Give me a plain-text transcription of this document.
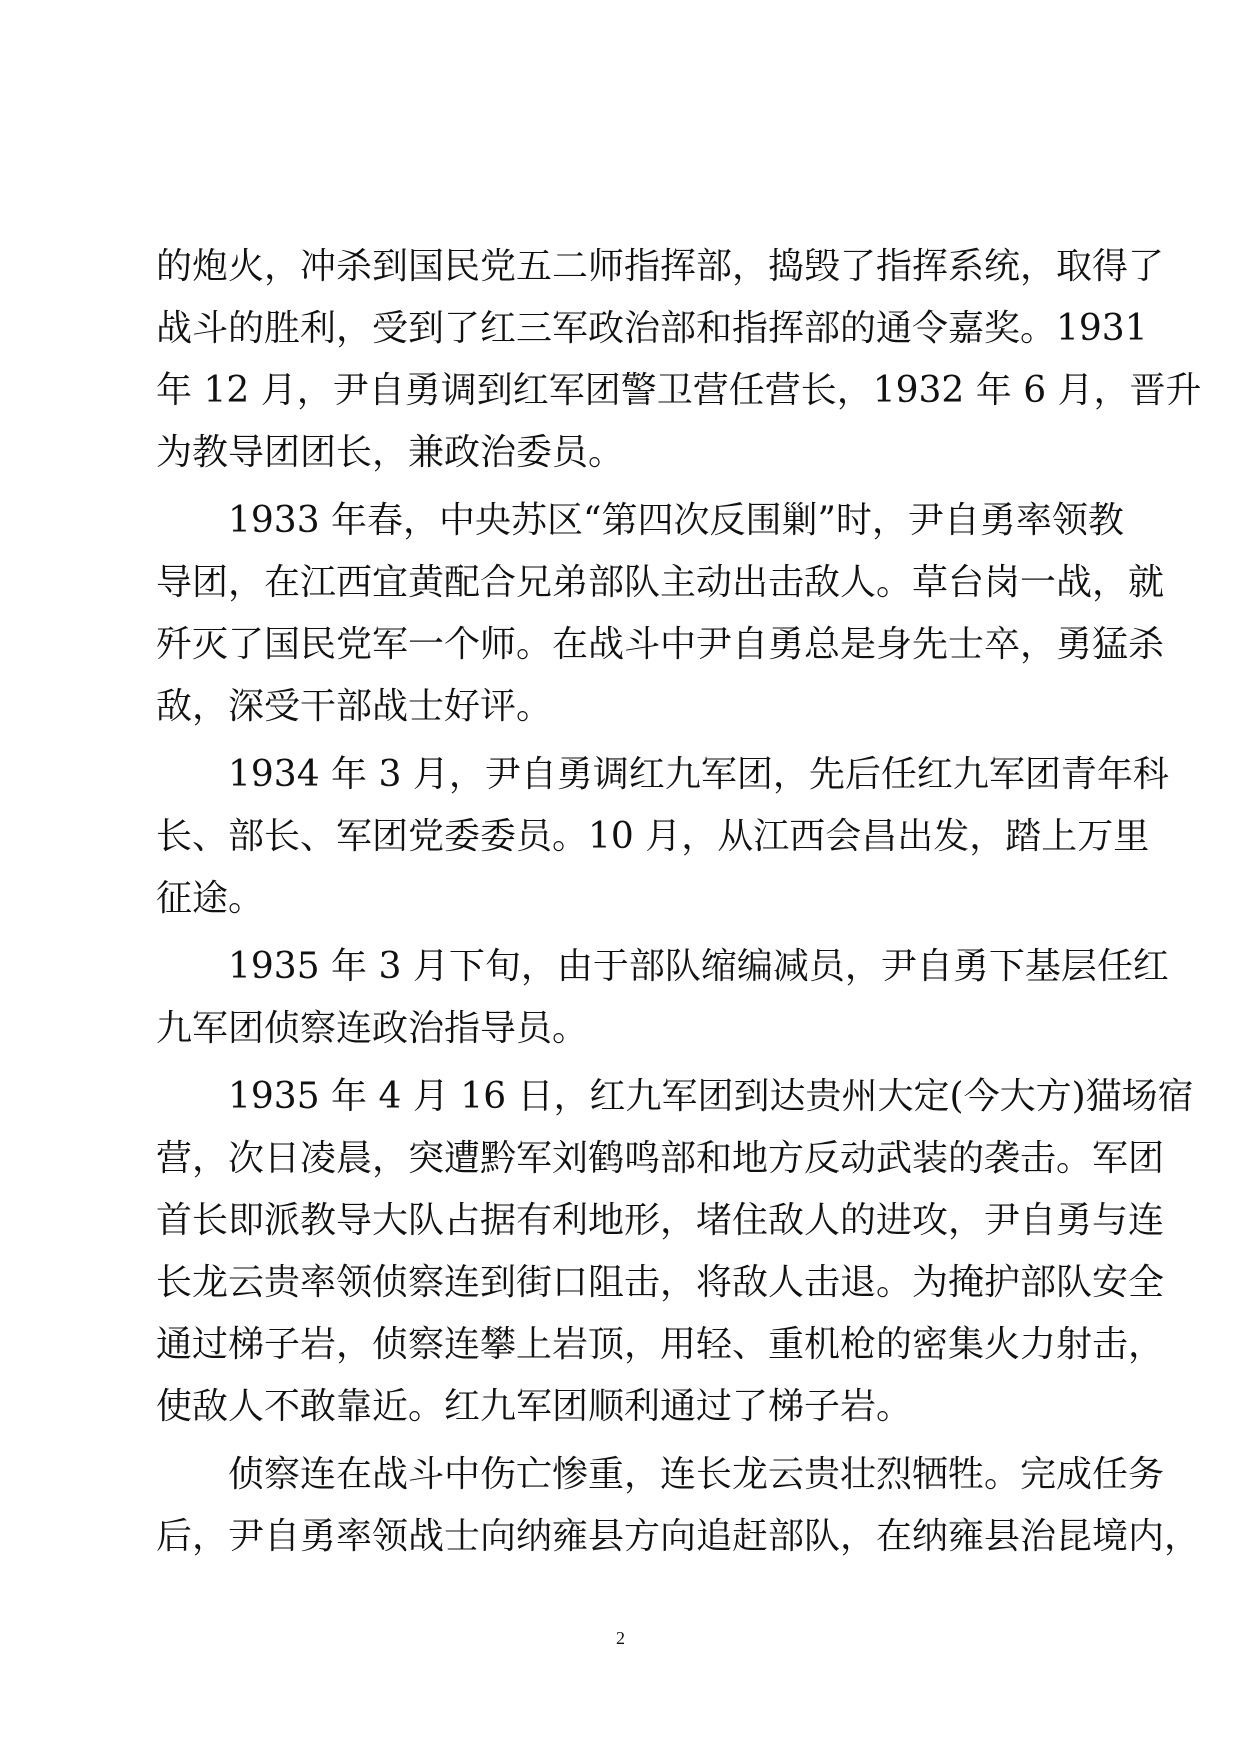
的炮火，冲杀到国民党五二师指挥部，捣毁了指挥系统，取得了
战斗的胜利，受到了红三军政治部和指挥部的通令嘉奖。1931
年 12 月，尹自勇调到红军团警卫营任营长，1932 年 6 月，晋升
为教导团团长，兼政治委员。
1933 年春，中央苏区“第四次反围剿”时，尹自勇率领教
导团，在江西宜黄配合兄弟部队主动出击敌人。草台岗一战，就
歼灭了国民党军一个师。在战斗中尹自勇总是身先士卒，勇猛杀
敌，深受干部战士好评。
1934 年 3 月，尹自勇调红九军团，先后任红九军团青年科
长、部长、军团党委委员。10 月，从江西会昌出发，踏上万里
征途。
1935 年 3 月下旬，由于部队缩编减员，尹自勇下基层任红
九军团侦察连政治指导员。
1935 年 4 月 16 日，红九军团到达贵州大定(今大方)猫场宿
营，次日凌晨，突遭黔军刘鹤鸣部和地方反动武装的袭击。军团
首长即派教导大队占据有利地形，堵住敌人的进攻，尹自勇与连
长龙云贵率领侦察连到街口阻击，将敌人击退。为掩护部队安全
通过梯子岩，侦察连攀上岩顶，用轻、重机枪的密集火力射击，
使敌人不敢靠近。红九军团顺利通过了梯子岩。
侦察连在战斗中伤亡惨重，连长龙云贵壮烈牺牲。完成任务
后，尹自勇率领战士向纳雍县方向追赶部队，在纳雍县治昆境内，
2
